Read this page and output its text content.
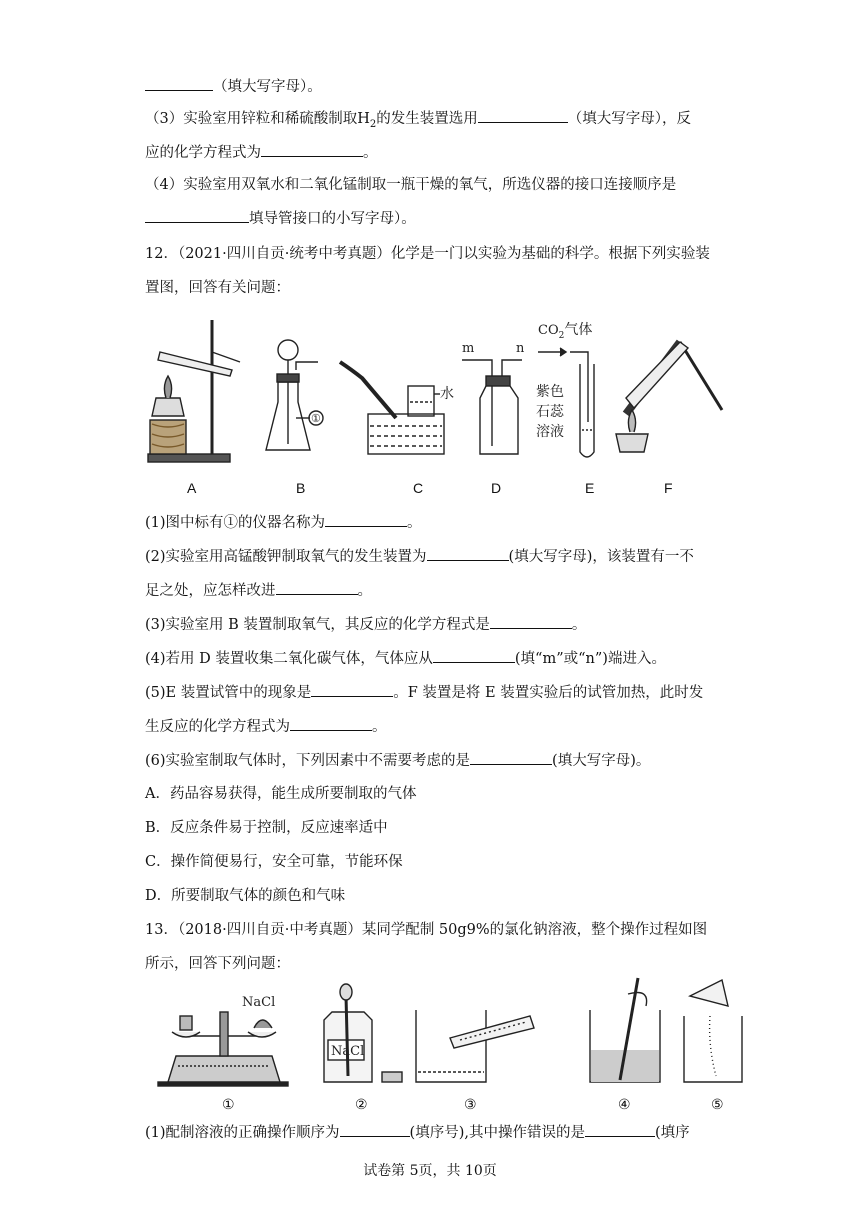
（填大写字母）。
（3）实验室用锌粒和稀硫酸制取$H_2$的发生装置选用	（填大写字母），反
应的化学方程式为	。
（4）实验室用双氧水和二氧化锰制取一瓶干燥的氧气，所选仪器的接口连接顺序是
填导管接口的小写字母）。
12．（2021·四川自贡·统考中考真题）化学是一门以实验为基础的科学。根据下列实验装
置图，回答有关问题：
①
水
m	n
$CO_2$气体
紫色
石蕊
溶液
A	B	C	D	E	F
(1)图中标有①的仪器名称为	。
(2)实验室用高锰酸钾制取氧气的发生装置为	(填大写字母)，该装置有一不
足之处，应怎样改进	。
(3)实验室用 B 装置制取氧气，其反应的化学方程式是	。
(4)若用 D 装置收集二氧化碳气体，气体应从	(填“m”或“n”)端进入。
(5)E 装置试管中的现象是	。F 装置是将 E 装置实验后的试管加热，此时发
生反应的化学方程式为	。
(6)实验室制取气体时，下列因素中不需要考虑的是	(填大写字母)。
A．药品容易获得，能生成所要制取的气体
B．反应条件易于控制，反应速率适中
C．操作简便易行，安全可靠，节能环保
D．所要制取气体的颜色和气味
13．（2018·四川自贡·中考真题）某同学配制 50g9%的氯化钠溶液，整个操作过程如图
所示，回答下列问题：
NaCl
NaCl
①	②	③	④	⑤
(1)配制溶液的正确操作顺序为	(填序号),其中操作错误的是	(填序
试卷第 5页，共 10页
